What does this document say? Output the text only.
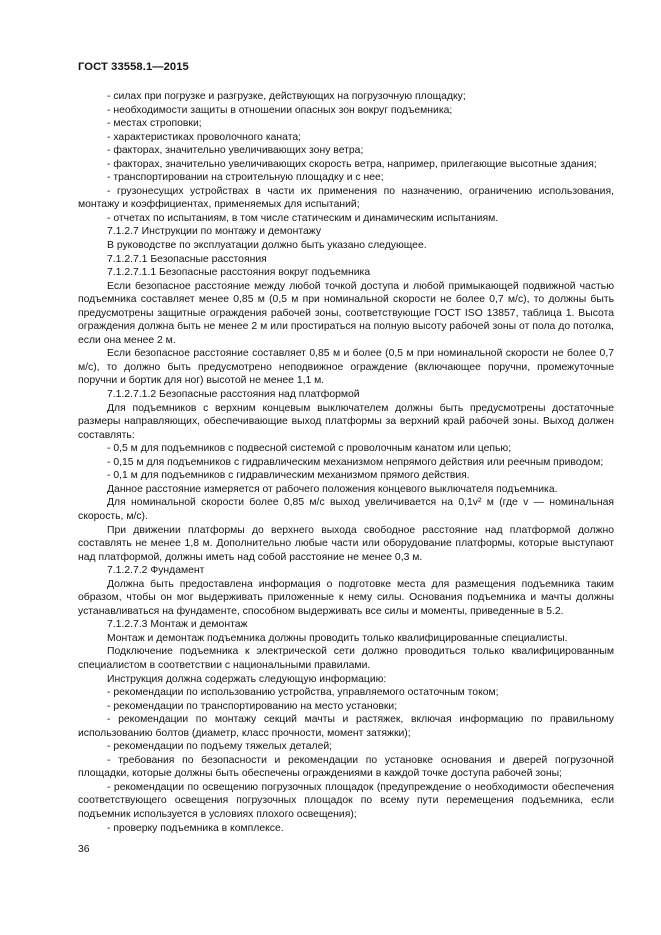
ГОСТ 33558.1—2015

- силах при погрузке и разгрузке, действующих на погрузочную площадку;

- необходимости защиты в отношении опасных зон вокруг подъемника;

- местах строповки;

- характеристиках проволочного каната;

- факторах, значительно увеличивающих зону ветра;

- факторах, значительно увеличивающих скорость ветра, например, прилегающие высотные здания;

- транспортировании на строительную площадку и с нее;

- грузонесущих устройствах в части их применения по назначению, ограничению использования, монтажу и коэффициентах, применяемых для испытаний;

- отчетах по испытаниям, в том числе статическим и динамическим испытаниям.

7.1.2.7 Инструкции по монтажу и демонтажу

В руководстве по эксплуатации должно быть указано следующее.

7.1.2.7.1 Безопасные расстояния

7.1.2.7.1.1 Безопасные расстояния вокруг подъемника

Если безопасное расстояние между любой точкой доступа и любой примыкающей подвижной частью подъемника составляет менее 0,85 м (0,5 м при номинальной скорости не более 0,7 м/с), то должны быть предусмотрены защитные ограждения рабочей зоны, соответствующие ГОСТ ISO 13857, таблица 1. Высота ограждения должна быть не менее 2 м или простираться на полную высоту рабочей зоны от пола до потолка, если она менее 2 м.

Если безопасное расстояние составляет 0,85 м и более (0,5 м при номинальной скорости не более 0,7 м/с), то должно быть предусмотрено неподвижное ограждение (включающее поручни, промежуточные поручни и бортик для ног) высотой не менее 1,1 м.

7.1.2.7.1.2 Безопасные расстояния над платформой

Для подъемников с верхним концевым выключателем должны быть предусмотрены достаточные размеры направляющих, обеспечивающие выход платформы за верхний край рабочей зоны. Выход должен составлять:

- 0,5 м для подъемников с подвесной системой с проволочным канатом или цепью;

- 0,15 м для подъемников с гидравлическим механизмом непрямого действия или реечным приводом;

- 0,1 м для подъемников с гидравлическим механизмом прямого действия.

Данное расстояние измеряется от рабочего положения концевого выключателя подъемника.

Для номинальной скорости более 0,85 м/с выход увеличивается на 0,1v² м (где v — номинальная скорость, м/с).

При движении платформы до верхнего выхода свободное расстояние над платформой должно составлять не менее 1,8 м. Дополнительно любые части или оборудование платформы, которые выступают над платформой, должны иметь над собой расстояние не менее 0,3 м.

7.1.2.7.2 Фундамент

Должна быть предоставлена информация о подготовке места для размещения подъемника таким образом, чтобы он мог выдерживать приложенные к нему силы. Основания подъемника и мачты должны устанавливаться на фундаменте, способном выдерживать все силы и моменты, приведенные в 5.2.

7.1.2.7.3 Монтаж и демонтаж

Монтаж и демонтаж подъемника должны проводить только квалифицированные специалисты.

Подключение подъемника к электрической сети должно проводиться только квалифицированным специалистом в соответствии с национальными правилами.

Инструкция должна содержать следующую информацию:

- рекомендации по использованию устройства, управляемого остаточным током;

- рекомендации по транспортированию на место установки;

- рекомендации по монтажу секций мачты и растяжек, включая информацию по правильному использованию болтов (диаметр, класс прочности, момент затяжки);

- рекомендации по подъему тяжелых деталей;

- требования по безопасности и рекомендации по установке основания и дверей погрузочной площадки, которые должны быть обеспечены ограждениями в каждой точке доступа рабочей зоны;

- рекомендации по освещению погрузочных площадок (предупреждение о необходимости обеспечения соответствующего освещения погрузочных площадок по всему пути перемещения подъемника, если подъемник используется в условиях плохого освещения);

- проверку подъемника в комплексе.

36
